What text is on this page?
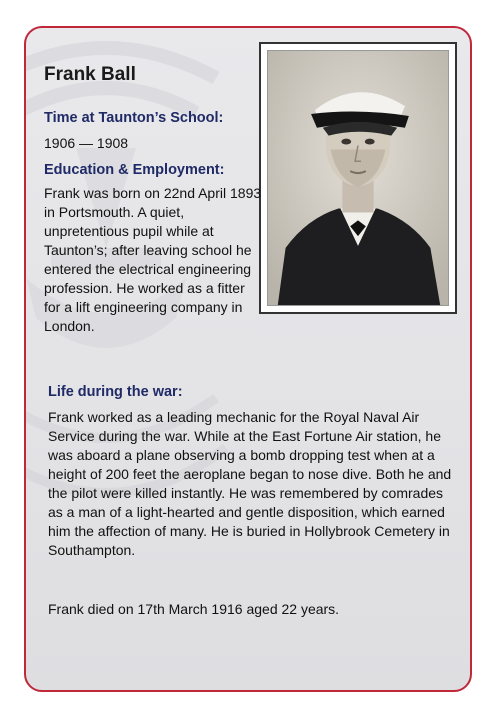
Frank Ball
Time at Taunton’s School:

1906 — 1908

Education & Employment:

Frank was born on 22nd April 1893 in Portsmouth. A quiet, unpretentious pupil while at Taunton’s; after leaving school he entered the electrical engineering profession. He worked as a fitter for a lift engineering company in London.

Life during the war:

Frank worked as a leading mechanic for the Royal Naval Air Service during the war. While at the East Fortune Air station, he was aboard a plane observing a bomb dropping test when at a height of 200 feet the aeroplane began to nose dive. Both he and the pilot were killed instantly. He was remembered by comrades as a man of a light-hearted and gentle disposition, which earned him the affection of many. He is buried in Hollybrook Cemetery in Southampton.

Frank died on 17th March 1916 aged 22 years.
